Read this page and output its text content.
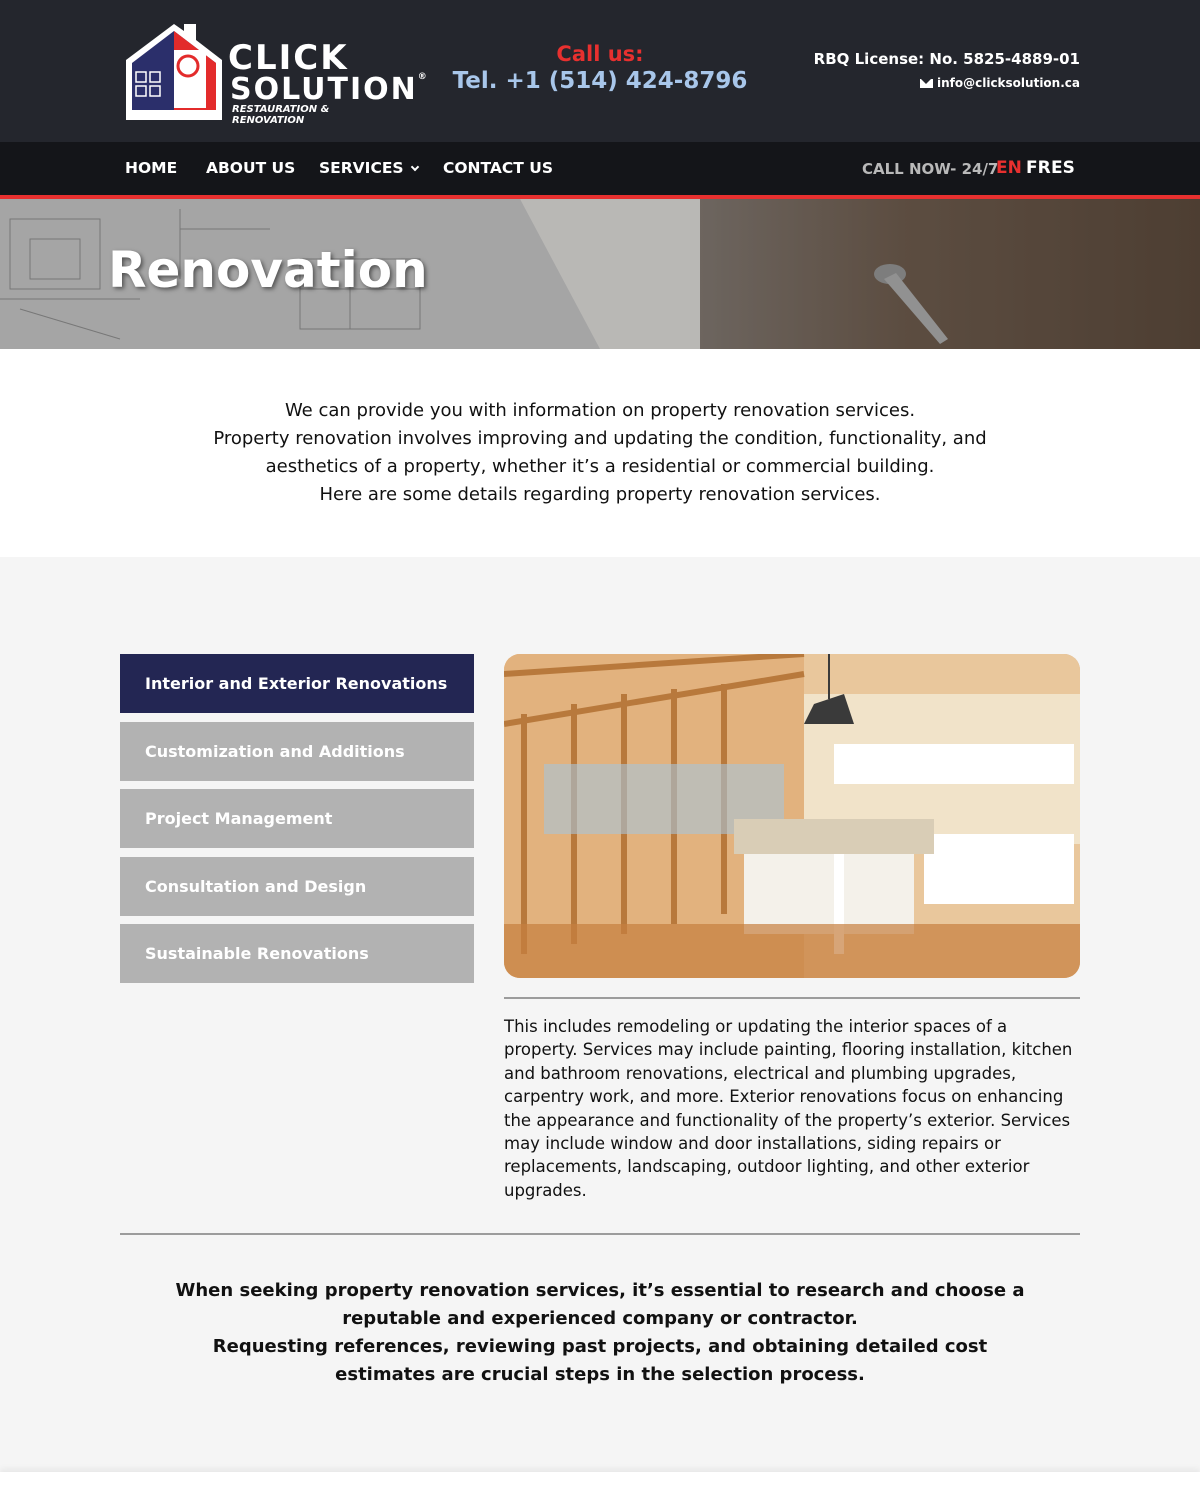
CLICK
SOLUTION®
RESTAURATION & RENOVATION
Call us:
Tel. +1 (514) 424-8796
RBQ License: No. 5825-4889-01
info@clicksolution.ca
HOME ABOUT US SERVICES	CONTACT US	CALL NOW- 24/7
EN FR ES
Renovation
We can provide you with information on property renovation services.
Property renovation involves improving and updating the condition, functionality, and aesthetics of a property, whether it’s a residential or commercial building.
Here are some details regarding property renovation services.
Interior and Exterior Renovations
Customization and Additions
Project Management
Consultation and Design
Sustainable Renovations

This includes remodeling or updating the interior spaces of a property. Services may include painting, flooring installation, kitchen and bathroom renovations, electrical and plumbing upgrades, carpentry work, and more. Exterior renovations focus on enhancing the appearance and functionality of the property’s exterior. Services may include window and door installations, siding repairs or replacements, landscaping, outdoor lighting, and other exterior upgrades.

When seeking property renovation services, it’s essential to research and choose a reputable and experienced company or contractor.
Requesting references, reviewing past projects, and obtaining detailed cost estimates are crucial steps in the selection process.
